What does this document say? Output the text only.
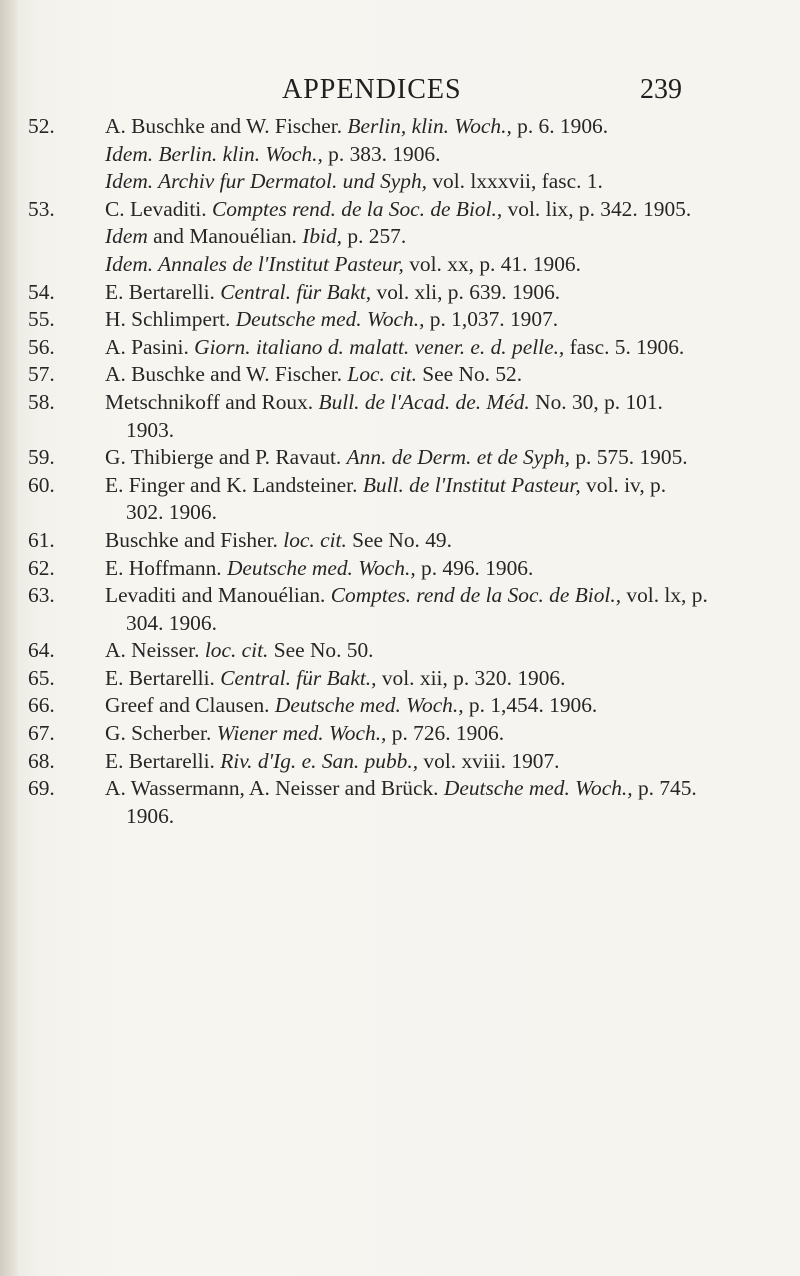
APPENDICES	239
52. A. Buschke and W. Fischer. Berlin, klin. Woch., p. 6. 1906.
Idem. Berlin. klin. Woch., p. 383. 1906.
Idem. Archiv fur Dermatol. und Syph, vol. lxxxvii, fasc. 1.
53. C. Levaditi. Comptes rend. de la Soc. de Biol., vol. lix, p. 342. 1905.
Idem and Manouélian. Ibid, p. 257.
Idem. Annales de l'Institut Pasteur, vol. xx, p. 41. 1906.
54. E. Bertarelli. Central. für Bakt, vol. xli, p. 639. 1906.
55. H. Schlimpert. Deutsche med. Woch., p. 1,037. 1907.
56. A. Pasini. Giorn. italiano d. malatt. vener. e. d. pelle., fasc. 5. 1906.
57. A. Buschke and W. Fischer. Loc. cit. See No. 52.
58. Metschnikoff and Roux. Bull. de l'Acad. de. Méd. No. 30, p. 101. 1903.
59. G. Thibierge and P. Ravaut. Ann. de Derm. et de Syph, p. 575. 1905.
60. E. Finger and K. Landsteiner. Bull. de l'Institut Pasteur, vol. iv, p. 302. 1906.
61. Buschke and Fisher. loc. cit. See No. 49.
62. E. Hoffmann. Deutsche med. Woch., p. 496. 1906.
63. Levaditi and Manouélian. Comptes. rend de la Soc. de Biol., vol. lx, p. 304. 1906.
64. A. Neisser. loc. cit. See No. 50.
65. E. Bertarelli. Central. für Bakt., vol. xii, p. 320. 1906.
66. Greef and Clausen. Deutsche med. Woch., p. 1,454. 1906.
67. G. Scherber. Wiener med. Woch., p. 726. 1906.
68. E. Bertarelli. Riv. d'Ig. e. San. pubb., vol. xviii. 1907.
69. A. Wassermann, A. Neisser and Brück. Deutsche med. Woch., p. 745. 1906.
